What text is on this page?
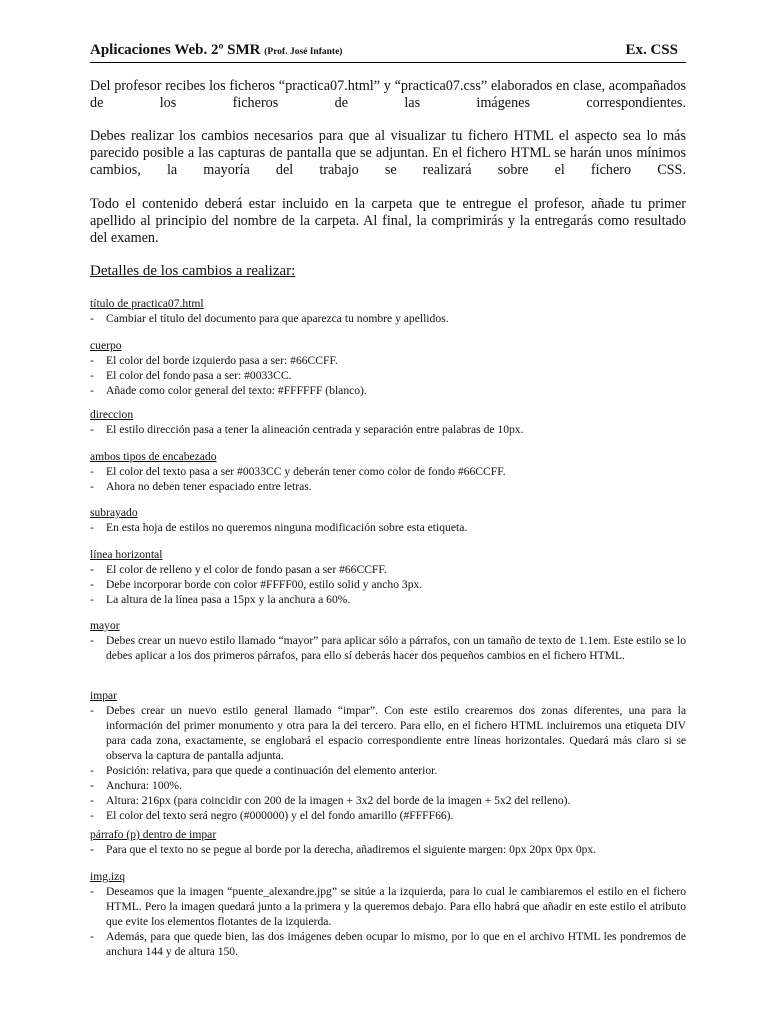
Aplicaciones Web. 2º SMR (Prof. José Infante)	Ex. CSS

Del profesor recibes los ficheros “practica07.html” y “practica07.css” elaborados en clase, acompañados de los ficheros de las imágenes correspondientes.

Debes realizar los cambios necesarios para que al visualizar tu fichero HTML el aspecto sea lo más parecido posible a las capturas de pantalla que se adjuntan. En el fichero HTML se harán unos mínimos cambios, la mayoría del trabajo se realizará sobre el fichero CSS.

Todo el contenido deberá estar incluido en la carpeta que te entregue el profesor, añade tu primer apellido al principio del nombre de la carpeta. Al final, la comprimirás y la entregarás como resultado del examen.

Detalles de los cambios a realizar:

título de practica07.html

- Cambiar el título del documento para que aparezca tu nombre y apellidos.

cuerpo

- El color del borde izquierdo pasa a ser: #66CCFF.
- El color del fondo pasa a ser: #0033CC.
- Añade como color general del texto: #FFFFFF (blanco).

direccion

- El estilo dirección pasa a tener la alineación centrada y separación entre palabras de 10px.

ambos tipos de encabezado

- El color del texto pasa a ser #0033CC y deberán tener como color de fondo #66CCFF.
- Ahora no deben tener espaciado entre letras.

subrayado

- En esta hoja de estilos no queremos ninguna modificación sobre esta etiqueta.

línea horizontal

- El color de relleno y el color de fondo pasan a ser #66CCFF.
- Debe incorporar borde con color #FFFF00, estilo solid y ancho 3px.
- La altura de la línea pasa a 15px y la anchura a 60%.

mayor

- Debes crear un nuevo estilo llamado “mayor” para aplicar sólo a párrafos, con un tamaño de texto de 1.1em. Este estilo se lo debes aplicar a los dos primeros párrafos, para ello sí deberás hacer dos pequeños cambios en el fichero HTML.

impar

- Debes crear un nuevo estilo general llamado “impar”. Con este estilo crearemos dos zonas diferentes, una para la información del primer monumento y otra para la del tercero. Para ello, en el fichero HTML incluiremos una etiqueta DIV para cada zona, exactamente, se englobará el espacio correspondiente entre líneas horizontales. Quedará más claro si se observa la captura de pantalla adjunta.
- Posición: relativa, para que quede a continuación del elemento anterior.
- Anchura: 100%.
- Altura: 216px (para coincidir con 200 de la imagen + 3x2 del borde de la imagen + 5x2 del relleno).
- El color del texto será negro (#000000) y el del fondo amarillo (#FFFF66).

párrafo (p) dentro de impar

- Para que el texto no se pegue al borde por la derecha, añadiremos el siguiente margen: 0px 20px 0px 0px.

img.izq

- Deseamos que la imagen “puente_alexandre.jpg” se sitúe a la izquierda, para lo cual le cambiaremos el estilo en el fichero HTML. Pero la imagen quedará junto a la primera y la queremos debajo. Para ello habrá que añadir en este estilo el atributo que evite los elementos flotantes de la izquierda.
- Además, para que quede bien, las dos imágenes deben ocupar lo mismo, por lo que en el archivo HTML les pondremos de anchura 144 y de altura 150.
